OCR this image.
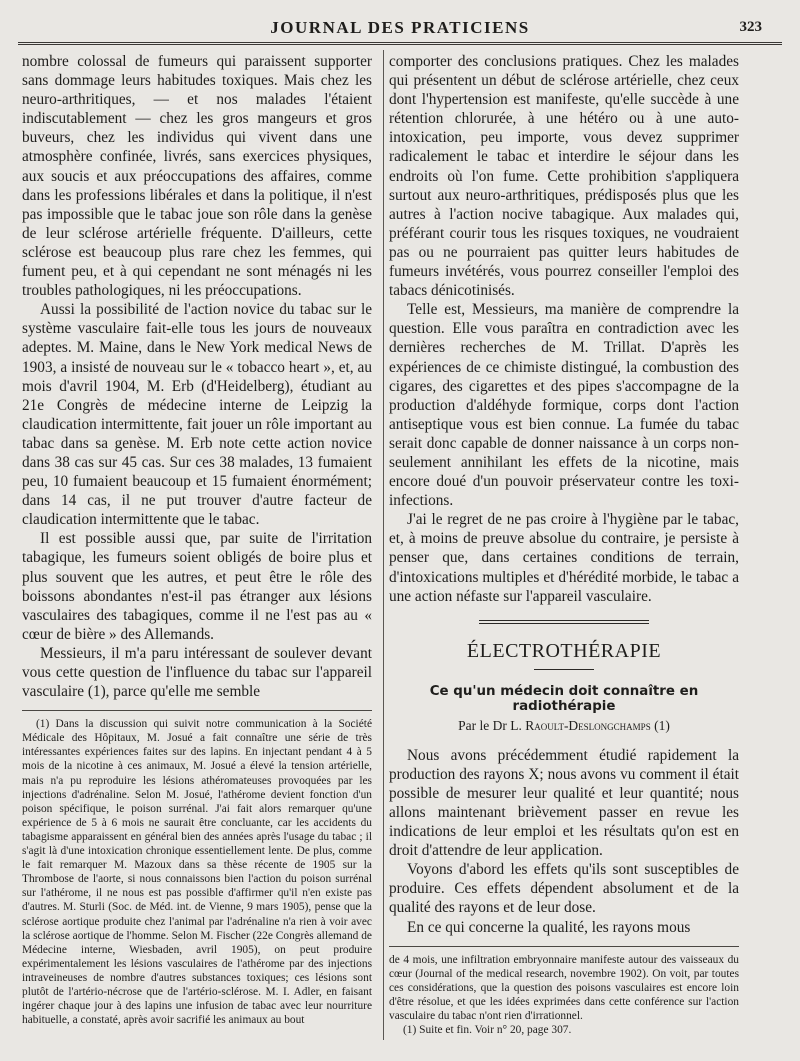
JOURNAL DES PRATICIENS	323

nombre colossal de fumeurs qui paraissent supporter sans dommage leurs habitudes toxiques. Mais chez les neuro-arthritiques, — et nos malades l'étaient indiscutablement — chez les gros mangeurs et gros buveurs, chez les individus qui vivent dans une atmosphère confinée, livrés, sans exercices physiques, aux soucis et aux préoccupations des affaires, comme dans les professions libérales et dans la politique, il n'est pas impossible que le tabac joue son rôle dans la genèse de leur sclérose artérielle fréquente. D'ailleurs, cette sclérose est beaucoup plus rare chez les femmes, qui fument peu, et à qui cependant ne sont ménagés ni les troubles pathologiques, ni les préoccupations.

Aussi la possibilité de l'action novice du tabac sur le système vasculaire fait-elle tous les jours de nouveaux adeptes. M. Maine, dans le New York medical News de 1903, a insisté de nouveau sur le « tobacco heart », et, au mois d'avril 1904, M. Erb (d'Heidelberg), étudiant au 21e Congrès de médecine interne de Leipzig la claudication intermittente, fait jouer un rôle important au tabac dans sa genèse. M. Erb note cette action novice dans 38 cas sur 45 cas. Sur ces 38 malades, 13 fumaient peu, 10 fumaient beaucoup et 15 fumaient énormément; dans 14 cas, il ne put trouver d'autre facteur de claudication intermittente que le tabac.

Il est possible aussi que, par suite de l'irritation tabagique, les fumeurs soient obligés de boire plus et plus souvent que les autres, et peut être le rôle des boissons abondantes n'est-il pas étranger aux lésions vasculaires des tabagiques, comme il ne l'est pas au « cœur de bière » des Allemands.

Messieurs, il m'a paru intéressant de soulever devant vous cette question de l'influence du tabac sur l'appareil vasculaire (1), parce qu'elle me semble

(1) Dans la discussion qui suivit notre communication à la Société Médicale des Hôpitaux, M. Josué a fait connaître une série de très intéressantes expériences faites sur des lapins. En injectant pendant 4 à 5 mois de la nicotine à ces animaux, M. Josué a élevé la tension artérielle, mais n'a pu reproduire les lésions athéromateuses provoquées par les injections d'adrénaline. Selon M. Josué, l'athérome devient fonction d'un poison spécifique, le poison surrénal. J'ai fait alors remarquer qu'une expérience de 5 à 6 mois ne saurait être concluante, car les accidents du tabagisme apparaissent en général bien des années après l'usage du tabac ; il s'agit là d'une intoxication chronique essentiellement lente. De plus, comme le fait remarquer M. Mazoux dans sa thèse récente de 1905 sur la Thrombose de l'aorte, si nous connaissons bien l'action du poison surrénal sur l'athérome, il ne nous est pas possible d'affirmer qu'il n'en existe pas d'autres. M. Sturli (Soc. de Méd. int. de Vienne, 9 mars 1905), pense que la sclérose aortique produite chez l'animal par l'adrénaline n'a rien à voir avec la sclérose aortique de l'homme. Selon M. Fischer (22e Congrès allemand de Médecine interne, Wiesbaden, avril 1905), on peut produire expérimentalement les lésions vasculaires de l'athérome par des injections intraveineuses de nombre d'autres substances toxiques; ces lésions sont plutôt de l'artério-nécrose que de l'artério-sclérose. M. I. Adler, en faisant ingérer chaque jour à des lapins une infusion de tabac avec leur nourriture habituelle, a constaté, après avoir sacrifié les animaux au bout

comporter des conclusions pratiques. Chez les malades qui présentent un début de sclérose artérielle, chez ceux dont l'hypertension est manifeste, qu'elle succède à une rétention chlorurée, à une hétéro ou à une auto-intoxication, peu importe, vous devez supprimer radicalement le tabac et interdire le séjour dans les endroits où l'on fume. Cette prohibition s'appliquera surtout aux neuro-arthritiques, prédisposés plus que les autres à l'action nocive tabagique. Aux malades qui, préférant courir tous les risques toxiques, ne voudraient pas ou ne pourraient pas quitter leurs habitudes de fumeurs invétérés, vous pourrez conseiller l'emploi des tabacs dénicotinisés.

Telle est, Messieurs, ma manière de comprendre la question. Elle vous paraîtra en contradiction avec les dernières recherches de M. Trillat. D'après les expériences de ce chimiste distingué, la combustion des cigares, des cigarettes et des pipes s'accompagne de la production d'aldéhyde formique, corps dont l'action antiseptique vous est bien connue. La fumée du tabac serait donc capable de donner naissance à un corps non-seulement annihilant les effets de la nicotine, mais encore doué d'un pouvoir préservateur contre les toxi-infections.

J'ai le regret de ne pas croire à l'hygiène par le tabac, et, à moins de preuve absolue du contraire, je persiste à penser que, dans certaines conditions de terrain, d'intoxications multiples et d'hérédité morbide, le tabac a une action néfaste sur l'appareil vasculaire.

ÉLECTROTHÉRAPIE
Ce qu'un médecin doit connaître en radiothérapie
Par le Dr L. Raoult-Deslongchamps (1)

Nous avons précédemment étudié rapidement la production des rayons X; nous avons vu comment il était possible de mesurer leur qualité et leur quantité; nous allons maintenant brièvement passer en revue les indications de leur emploi et les résultats qu'on est en droit d'attendre de leur application.

Voyons d'abord les effets qu'ils sont susceptibles de produire. Ces effets dépendent absolument et de la qualité des rayons et de leur dose.

En ce qui concerne la qualité, les rayons mous

de 4 mois, une infiltration embryonnaire manifeste autour des vaisseaux du cœur (Journal of the medical research, novembre 1902). On voit, par toutes ces considérations, que la question des poisons vasculaires est encore loin d'être résolue, et que les idées exprimées dans cette conférence sur l'action vasculaire du tabac n'ont rien d'irrationnel.

(1) Suite et fin. Voir n° 20, page 307.
